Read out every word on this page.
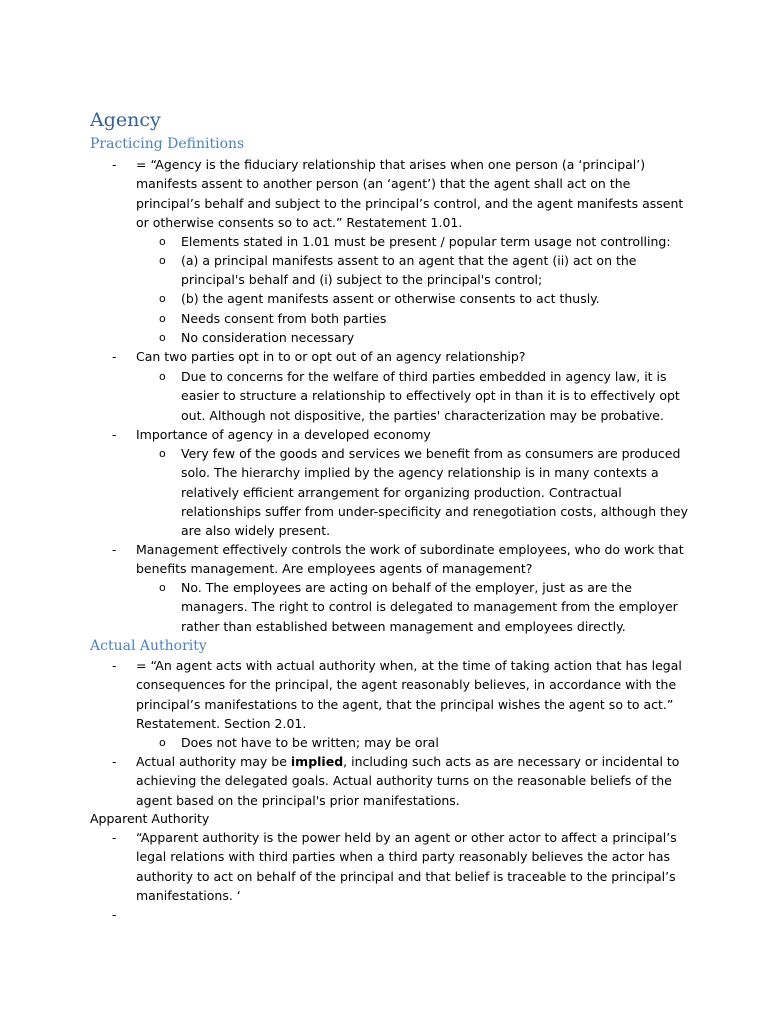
Agency
Practicing Definitions
- = “Agency is the fiduciary relationship that arises when one person (a ‘principal’)
manifests assent to another person (an ‘agent’) that the agent shall act on the
principal’s behalf and subject to the principal’s control, and the agent manifests assent
or otherwise consents so to act.” Restatement 1.01.
o Elements stated in 1.01 must be present / popular term usage not controlling:
o (a) a principal manifests assent to an agent that the agent (ii) act on the
principal's behalf and (i) subject to the principal's control;
o (b) the agent manifests assent or otherwise consents to act thusly.
o Needs consent from both parties
o No consideration necessary
- Can two parties opt in to or opt out of an agency relationship?
o Due to concerns for the welfare of third parties embedded in agency law, it is
easier to structure a relationship to effectively opt in than it is to effectively opt
out. Although not dispositive, the parties' characterization may be probative.
- Importance of agency in a developed economy
o Very few of the goods and services we benefit from as consumers are produced
solo. The hierarchy implied by the agency relationship is in many contexts a
relatively efficient arrangement for organizing production. Contractual
relationships suffer from under-specificity and renegotiation costs, although they
are also widely present.
- Management effectively controls the work of subordinate employees, who do work that
benefits management. Are employees agents of management?
o No. The employees are acting on behalf of the employer, just as are the
managers. The right to control is delegated to management from the employer
rather than established between management and employees directly.
Actual Authority
- = “An agent acts with actual authority when, at the time of taking action that has legal
consequences for the principal, the agent reasonably believes, in accordance with the
principal’s manifestations to the agent, that the principal wishes the agent so to act.”
Restatement. Section 2.01.
o Does not have to be written; may be oral
- Actual authority may be implied, including such acts as are necessary or incidental to
achieving the delegated goals. Actual authority turns on the reasonable beliefs of the
agent based on the principal's prior manifestations.
Apparent Authority
- “Apparent authority is the power held by an agent or other actor to affect a principal’s
legal relations with third parties when a third party reasonably believes the actor has
authority to act on behalf of the principal and that belief is traceable to the principal’s
manifestations. ‘
-
